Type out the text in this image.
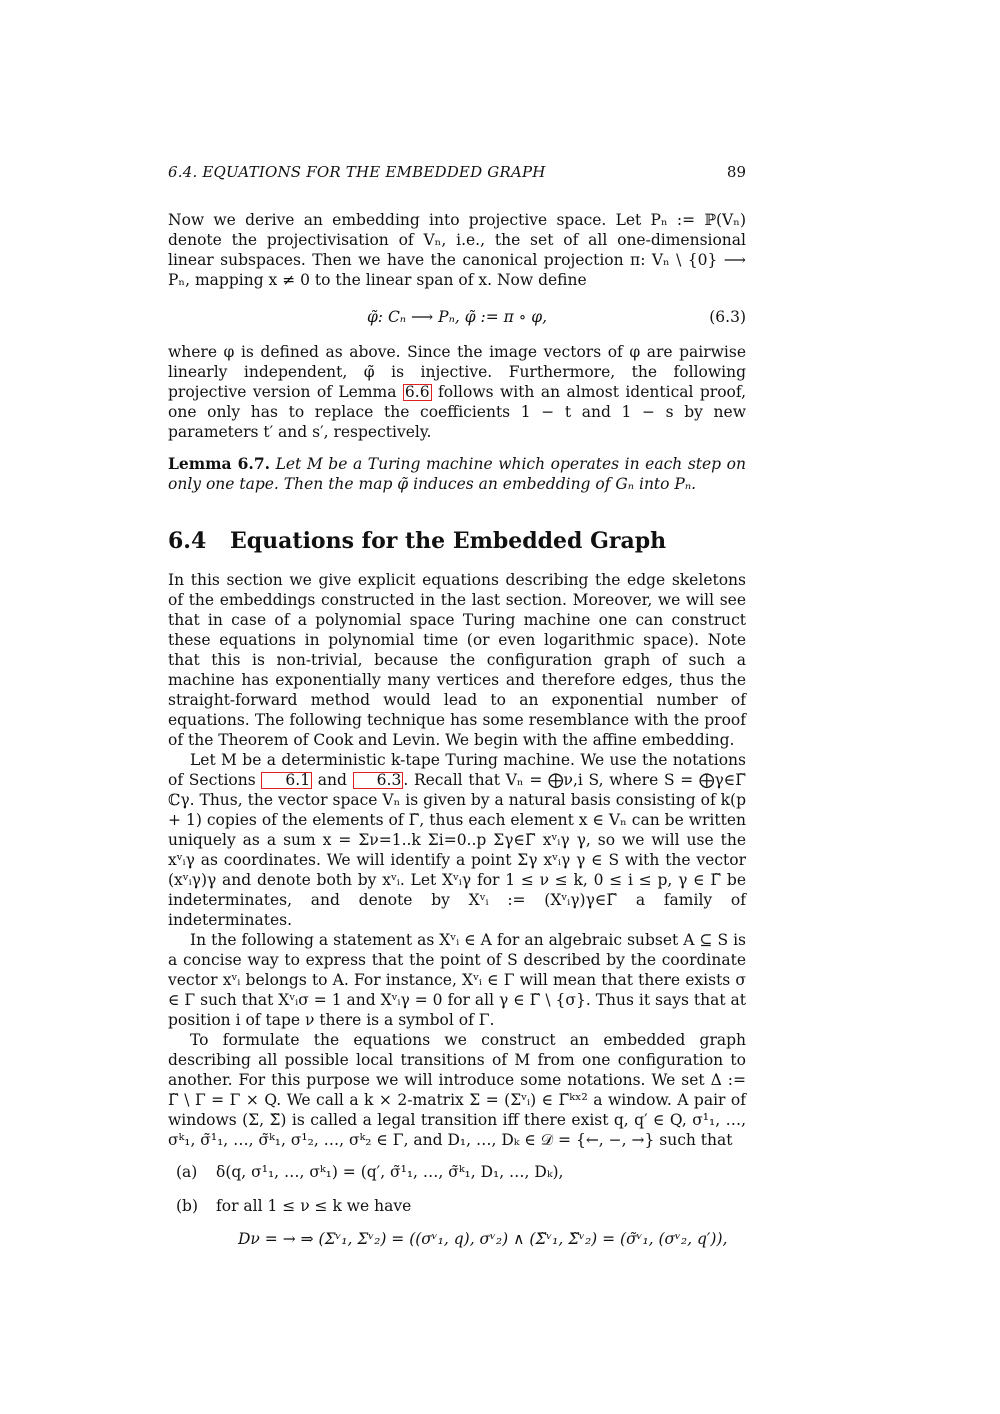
6.4. EQUATIONS FOR THE EMBEDDED GRAPH	89

Now we derive an embedding into projective space. Let Pₙ := ℙ(Vₙ) denote the projectivisation of Vₙ, i.e., the set of all one-dimensional linear subspaces. Then we have the canonical projection π: Vₙ \ {0} ⟶ Pₙ, mapping x ≠ 0 to the linear span of x. Now define

φ̃: Cₙ ⟶ Pₙ, φ̃ := π ∘ φ,	(6.3)

where φ is defined as above. Since the image vectors of φ are pairwise linearly independent, φ̃ is injective. Furthermore, the following projective version of Lemma 6.6 follows with an almost identical proof, one only has to replace the coefficients 1 − t and 1 − s by new parameters t′ and s′, respectively.

Lemma 6.7. Let M be a Turing machine which operates in each step on only one tape. Then the map φ̃ induces an embedding of Gₙ into Pₙ.
6.4 Equations for the Embedded Graph

In this section we give explicit equations describing the edge skeletons of the embeddings constructed in the last section. Moreover, we will see that in case of a polynomial space Turing machine one can construct these equations in polynomial time (or even logarithmic space). Note that this is non-trivial, because the configuration graph of such a machine has exponentially many vertices and therefore edges, thus the straight-forward method would lead to an exponential number of equations. The following technique has some resemblance with the proof of the Theorem of Cook and Levin. We begin with the affine embedding.

Let M be a deterministic k-tape Turing machine. We use the notations of Sections 6.1 and 6.3 . Recall that Vₙ = ⨁ν,i S, where S = ⨁γ∈Γ̃ ℂγ. Thus, the vector space Vₙ is given by a natural basis consisting of k(p + 1) copies of the elements of Γ̃, thus each element x ∈ Vₙ can be written uniquely as a sum x = Σν=1..k Σi=0..p Σγ∈Γ̃ xᵛᵢγ γ, so we will use the xᵛᵢγ as coordinates. We will identify a point Σγ xᵛᵢγ γ ∈ S with the vector (xᵛᵢγ)γ and denote both by xᵛᵢ. Let Xᵛᵢγ for 1 ≤ ν ≤ k, 0 ≤ i ≤ p, γ ∈ Γ̃ be indeterminates, and denote by Xᵛᵢ := (Xᵛᵢγ)γ∈Γ̃ a family of indeterminates.

In the following a statement as Xᵛᵢ ∈ A for an algebraic subset A ⊆ S is a concise way to express that the point of S described by the coordinate vector xᵛᵢ belongs to A. For instance, Xᵛᵢ ∈ Γ will mean that there exists σ ∈ Γ such that Xᵛᵢσ = 1 and Xᵛᵢγ = 0 for all γ ∈ Γ̃ \ {σ}. Thus it says that at position i of tape ν there is a symbol of Γ.

To formulate the equations we construct an embedded graph describing all possible local transitions of M from one configuration to another. For this purpose we will introduce some notations. We set Δ := Γ̃ \ Γ = Γ × Q. We call a k × 2-matrix Σ = (Σᵛᵢ) ∈ Γ̃ᵏˣ² a window. A pair of windows (Σ, Σ̃) is called a legal transition iff there exist q, q′ ∈ Q, σ¹₁, …, σᵏ₁, σ̃¹₁, …, σ̃ᵏ₁, σ¹₂, …, σᵏ₂ ∈ Γ, and D₁, …, Dₖ ∈ 𝒟 = {←, −, →} such that

(a)	δ(q, σ¹₁, …, σᵏ₁) = (q′, σ̃¹₁, …, σ̃ᵏ₁, D₁, …, Dₖ),
(b)	for all 1 ≤ ν ≤ k we have
Dν = → ⇒ (Σᵛ₁, Σᵛ₂) = ((σᵛ₁, q), σᵛ₂) ∧ (Σ̃ᵛ₁, Σ̃ᵛ₂) = (σ̃ᵛ₁, (σᵛ₂, q′)),
